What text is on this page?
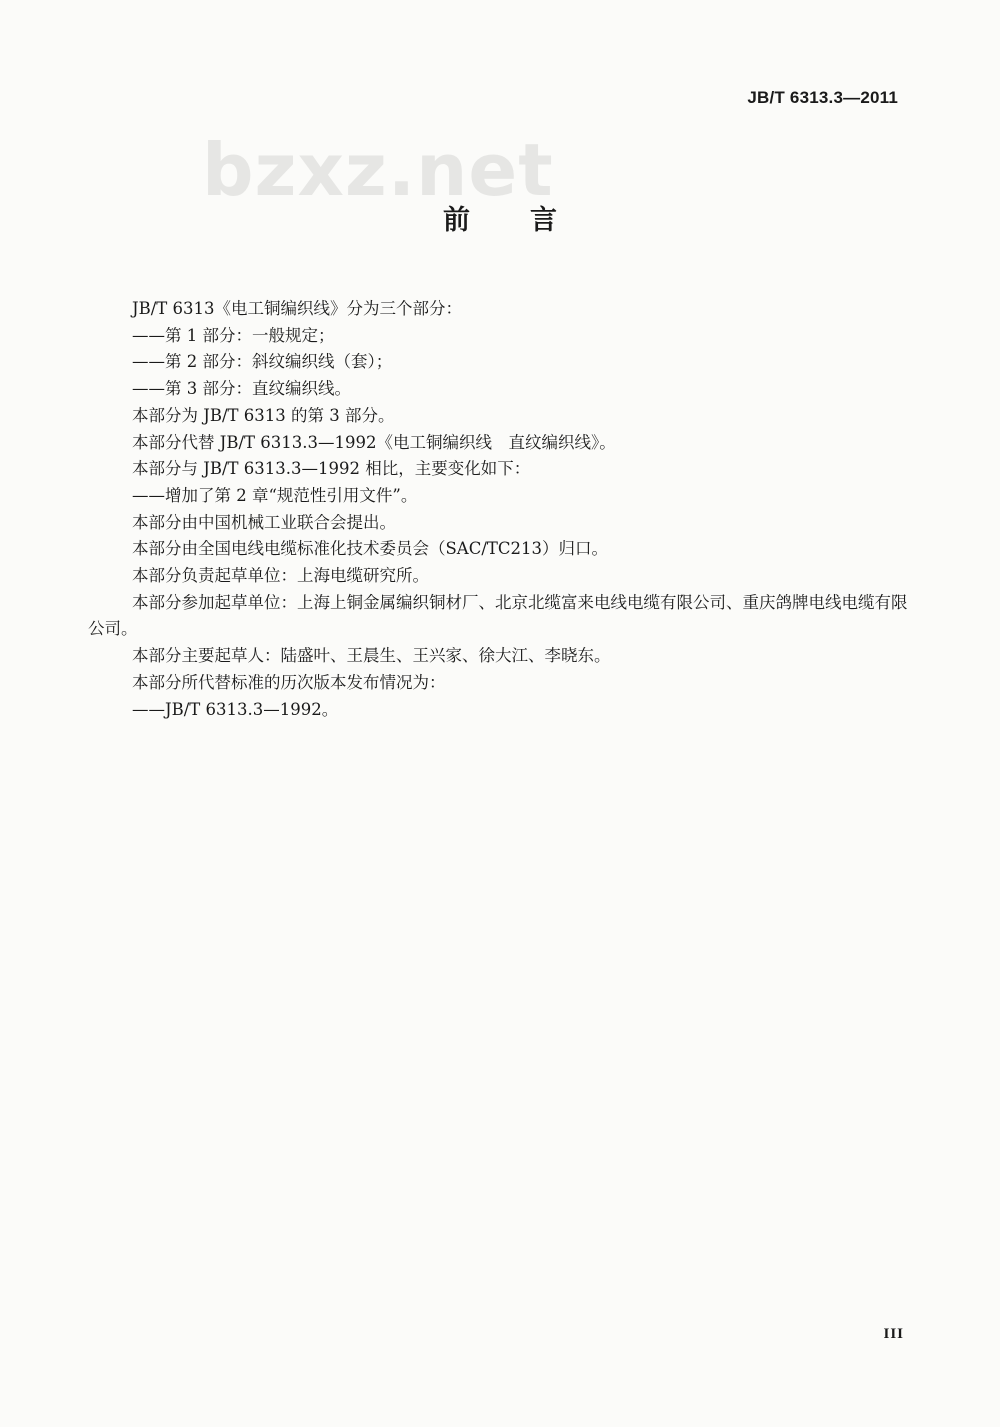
JB/T 6313.3—2011
bzxz.net
前言

JB/T 6313《电工铜编织线》分为三个部分：

——第 1 部分：一般规定；

——第 2 部分：斜纹编织线（套）；

——第 3 部分：直纹编织线。

本部分为 JB/T 6313 的第 3 部分。

本部分代替 JB/T 6313.3—1992《电工铜编织线　直纹编织线》。

本部分与 JB/T 6313.3—1992 相比，主要变化如下：

——增加了第 2 章“规范性引用文件”。

本部分由中国机械工业联合会提出。

本部分由全国电线电缆标准化技术委员会（SAC/TC213）归口。

本部分负责起草单位：上海电缆研究所。

本部分参加起草单位：上海上铜金属编织铜材厂、北京北缆富来电线电缆有限公司、重庆鸽牌电线电缆有限公司。

本部分主要起草人：陆盛叶、王晨生、王兴家、徐大江、李晓东。

本部分所代替标准的历次版本发布情况为：

——JB/T 6313.3—1992。

III
